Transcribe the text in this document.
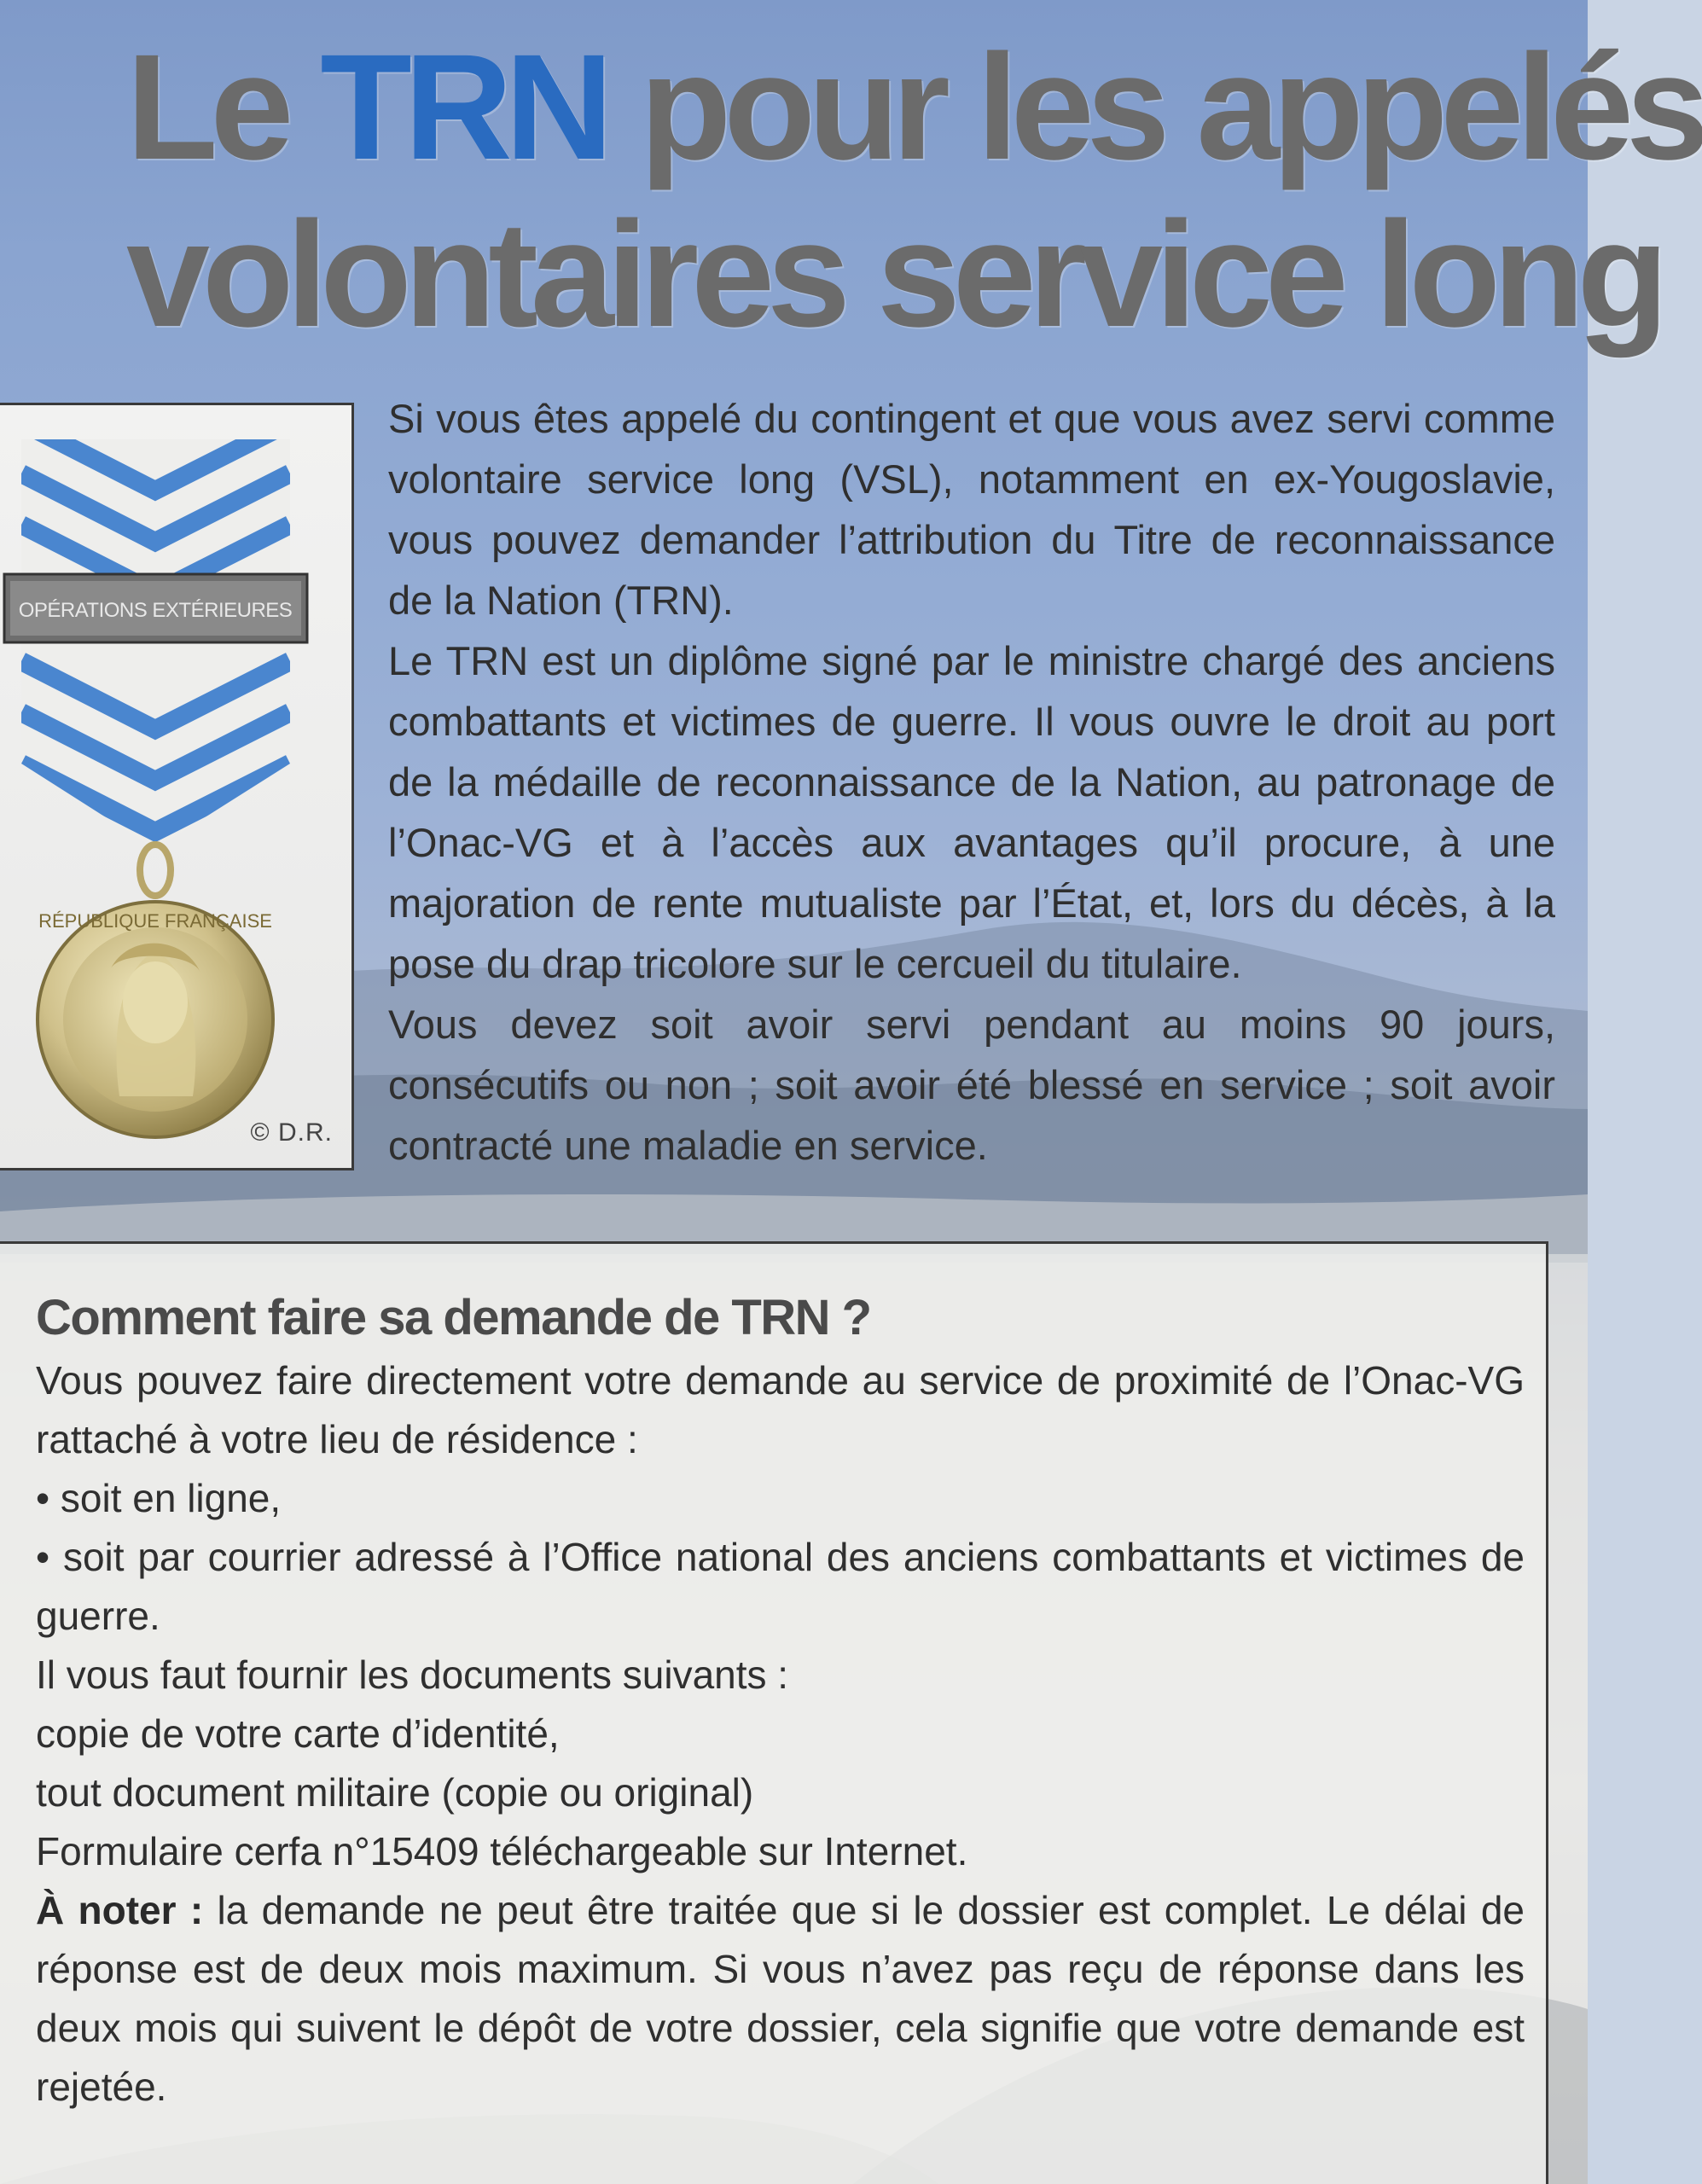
Le TRN pour les appelés
volontaires service long
OPÉRATIONS EXTÉRIEURES
RÉPUBLIQUE FRANÇAISE
© D.R.

Si vous êtes appelé du contingent et que vous avez servi comme volontaire service long (VSL), notamment en ex-Yougoslavie, vous pouvez demander l’attribution du Titre de reconnaissance de la Nation (TRN).

Le TRN est un diplôme signé par le ministre chargé des anciens combattants et victimes de guerre. Il vous ouvre le droit au port de la médaille de reconnaissance de la Nation, au patronage de l’Onac-VG et à l’accès aux avantages qu’il procure, à une majoration de rente mutualiste par l’État, et, lors du décès, à la pose du drap tricolore sur le cercueil du titulaire.

Vous devez soit avoir servi pendant au moins 90 jours, consécutifs ou non ; soit avoir été blessé en service ; soit avoir contracté une maladie en service.

Comment faire sa demande de TRN ?

Vous pouvez faire directement votre demande au service de proximité de l’Onac-VG rattaché à votre lieu de résidence :

• soit en ligne,

• soit par courrier adressé à l’Office national des anciens combattants et victimes de guerre.

Il vous faut fournir les documents suivants :

copie de votre carte d’identité,

tout document militaire (copie ou original)

Formulaire cerfa n°15409 téléchargeable sur Internet.

À noter : la demande ne peut être traitée que si le dossier est complet. Le délai de réponse est de deux mois maximum. Si vous n’avez pas reçu de réponse dans les deux mois qui suivent le dépôt de votre dossier, cela signifie que votre demande est rejetée.
